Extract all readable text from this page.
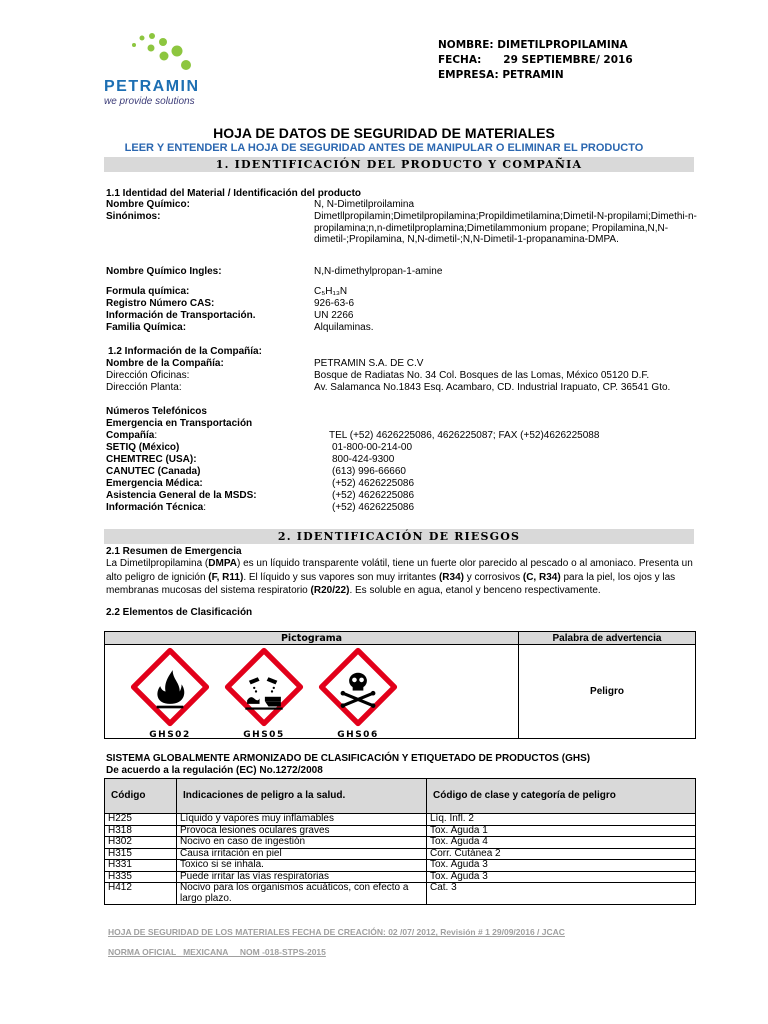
PETRAMIN
we provide solutions
NOMBRE: DIMETILPROPILAMINA
FECHA:      29 SEPTIEMBRE/ 2016
EMPRESA: PETRAMIN
HOJA DE DATOS DE SEGURIDAD DE MATERIALES
LEER Y ENTENDER LA HOJA DE SEGURIDAD ANTES DE MANIPULAR O ELIMINAR EL PRODUCTO
1. IDENTIFICACIÓN DEL PRODUCTO Y COMPAÑIA
1.1 Identidad del Material / Identificación del producto
Nombre Químico:	N, N-Dimetilproilamina
Sinónimos:	Dimetllpropilamin;Dimetilpropilamina;Propildimetilamina;Dimetil-N-propilami;Dimethi-n-propilamina;n,n-dimetilproplamina;Dimetilammonium propane; Propilamina,N,N-dimetil-;Propilamina, N,N-dimetil-;N,N-Dimetil-1-propanamina-DMPA.
Nombre Químico Ingles:	N,N-dimethylpropan-1-amine
Formula química:	C₅H₁₃N
Registro Número CAS:	926-63-6
Información de Transportación.	UN 2266
Familia Química:	Alquilaminas.
1.2 Información de la Compañía:
Nombre de la Compañía:	PETRAMIN S.A. DE C.V
Dirección Oficinas:	Bosque de Radiatas No. 34 Col. Bosques de las Lomas, México 05120 D.F.
Dirección Planta:	Av. Salamanca No.1843 Esq. Acambaro, CD. Industrial Irapuato, CP. 36541 Gto.
Números Telefónicos
Emergencia en Transportación
Compañía:	TEL (+52) 4626225086, 4626225087; FAX (+52)4626225088
SETIQ (México)	01-800-00-214-00
CHEMTREC (USA):	800-424-9300
CANUTEC (Canada)	(613) 996-66660
Emergencia Médica:	(+52) 4626225086
Asistencia General de la MSDS:	(+52) 4626225086
Información Técnica:	(+52) 4626225086
2. IDENTIFICACIÓN DE RIESGOS
2.1 Resumen de Emergencia
La Dimetilpropilamina (DMPA) es un líquido transparente volátil, tiene un fuerte olor parecido al pescado o al amoniaco. Presenta un alto peligro de ignición (F, R11). El líquido y sus vapores son muy irritantes (R34) y corrosivos (C, R34) para la piel, los ojos y las membranas mucosas del sistema respiratorio (R20/22). Es soluble en agua, etanol y benceno respectivamente.
2.2 Elementos de Clasificación
Pictograma	Palabra de advertencia

GHS02 GHS05 GHS06	Peligro
SISTEMA GLOBALMENTE ARMONIZADO DE CLASIFICACIÓN Y ETIQUETADO DE PRODUCTOS (GHS)
De acuerdo a la regulación (EC) No.1272/2008
Código	Indicaciones de peligro a la salud.	Código de clase y categoría de peligro
H225	Líquido y vapores muy inflamables	Líq. Infl. 2
H318	Provoca lesiones oculares graves	Tox. Aguda 1
H302	Nocivo en caso de ingestión	Tox. Aguda 4
H315	Causa irritación en piel	Corr. Cutánea 2
H331	Toxico si se inhala.	Tox. Aguda 3
H335	Puede irritar las vías respiratorias	Tox. Aguda 3
H412	Nocivo para los organismos acuáticos, con efecto a largo plazo.	Cat. 3
HOJA DE SEGURIDAD DE LOS MATERIALES FECHA DE CREACIÓN: 02 /07/ 2012, Revisión # 1 29/09/2016 / JCAC
NORMA OFICIAL   MEXICANA     NOM -018-STPS-2015
